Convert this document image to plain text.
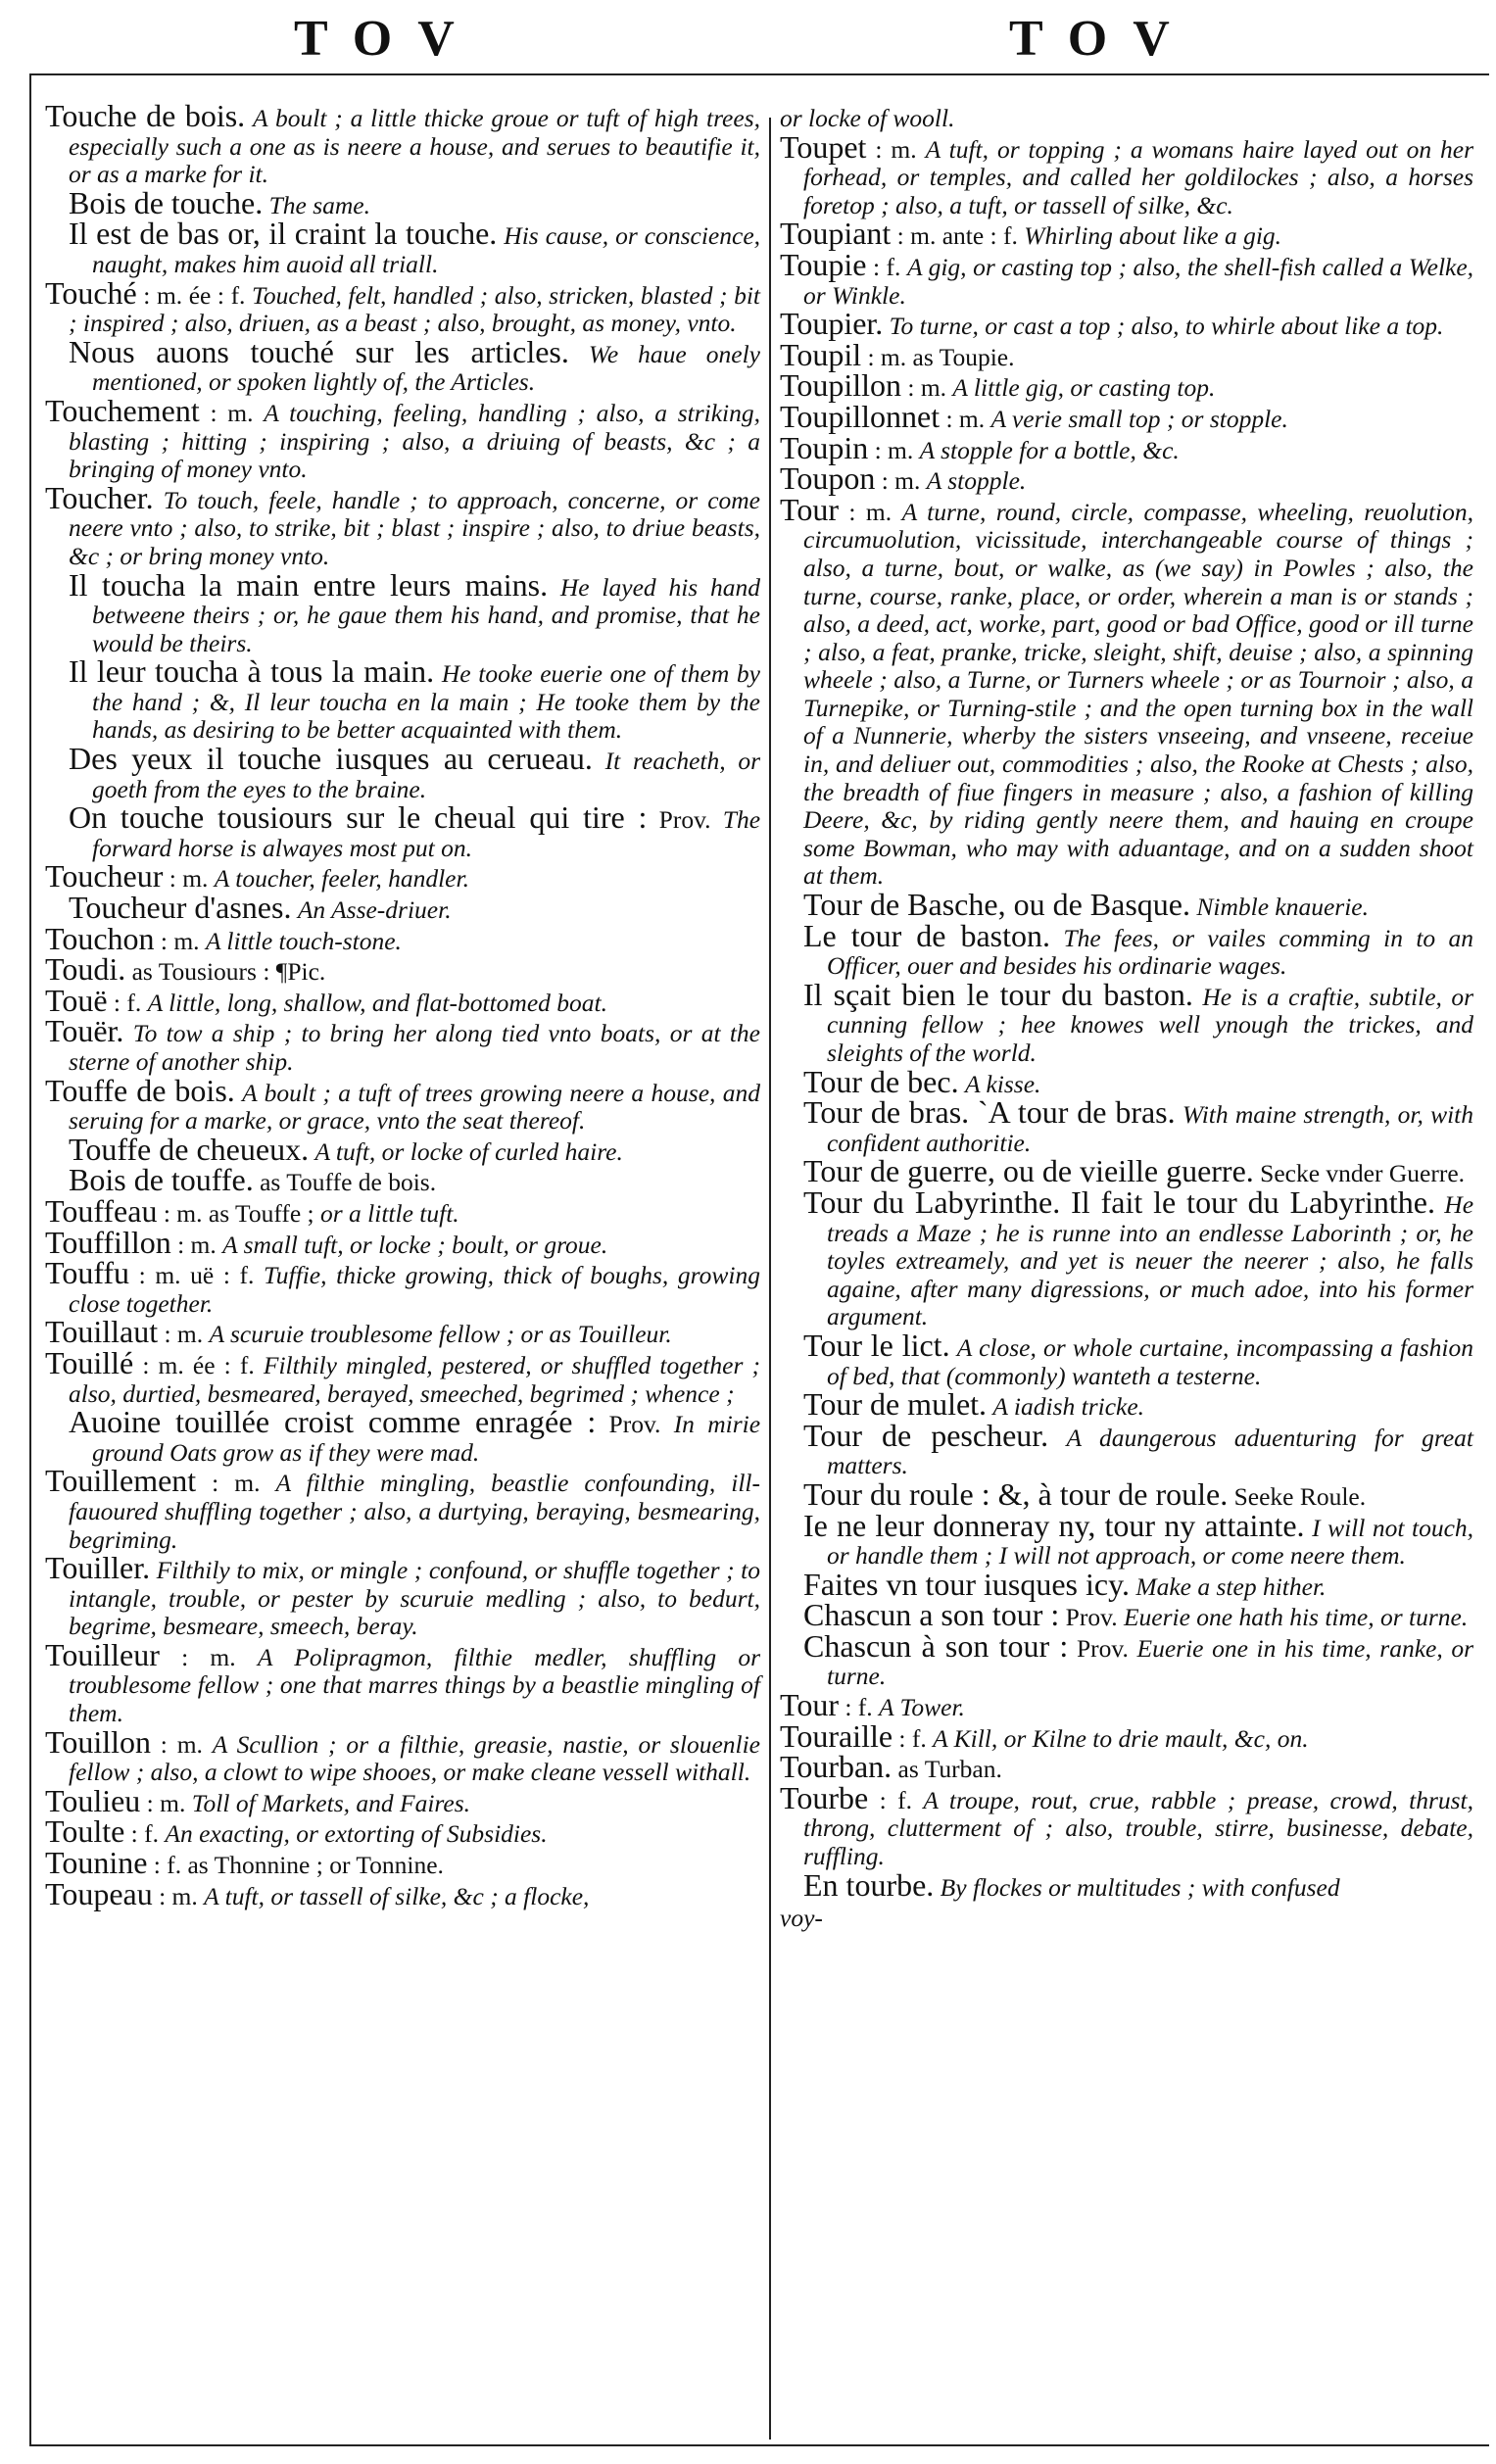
TOV	TOV

Touche de bois. A boult ; a little thicke groue or tuft of high trees, especially such a one as is neere a house, and serues to beautifie it, or as a marke for it.

Bois de touche. The same.

Il est de bas or, il craint la touche. His cause, or conscience, naught, makes him auoid all triall.

Touché : m. ée : f. Touched, felt, handled ; also, stricken, blasted ; bit ; inspired ; also, driuen, as a beast ; also, brought, as money, vnto.

Nous auons touché sur les articles. We haue onely mentioned, or spoken lightly of, the Articles.

Touchement : m. A touching, feeling, handling ; also, a striking, blasting ; hitting ; inspiring ; also, a driuing of beasts, &c ; a bringing of money vnto.

Toucher. To touch, feele, handle ; to approach, concerne, or come neere vnto ; also, to strike, bit ; blast ; inspire ; also, to driue beasts, &c ; or bring money vnto.

Il toucha la main entre leurs mains. He layed his hand betweene theirs ; or, he gaue them his hand, and promise, that he would be theirs.

Il leur toucha à tous la main. He tooke euerie one of them by the hand ; &, Il leur toucha en la main ; He tooke them by the hands, as desiring to be better acquainted with them.

Des yeux il touche iusques au cerueau. It reacheth, or goeth from the eyes to the braine.

On touche tousiours sur le cheual qui tire : Prov. The forward horse is alwayes most put on.

Toucheur : m. A toucher, feeler, handler.

Toucheur d'asnes. An Asse-driuer.

Touchon : m. A little touch-stone.

Toudi. as Tousiours : ¶Pic.

Touë : f. A little, long, shallow, and flat-bottomed boat.

Touër. To tow a ship ; to bring her along tied vnto boats, or at the sterne of another ship.

Touffe de bois. A boult ; a tuft of trees growing neere a house, and seruing for a marke, or grace, vnto the seat thereof.

Touffe de cheueux. A tuft, or locke of curled haire.

Bois de touffe. as Touffe de bois.

Touffeau : m. as Touffe ; or a little tuft.

Touffillon : m. A small tuft, or locke ; boult, or groue.

Touffu : m. uë : f. Tuffie, thicke growing, thick of boughs, growing close together.

Touillaut : m. A scuruie troublesome fellow ; or as Touilleur.

Touillé : m. ée : f. Filthily mingled, pestered, or shuffled together ; also, durtied, besmeared, berayed, smeeched, begrimed ; whence ;

Auoine touillée croist comme enragée : Prov. In mirie ground Oats grow as if they were mad.

Touillement : m. A filthie mingling, beastlie confounding, ill-fauoured shuffling together ; also, a durtying, beraying, besmearing, begriming.

Touiller. Filthily to mix, or mingle ; confound, or shuffle together ; to intangle, trouble, or pester by scuruie medling ; also, to bedurt, begrime, besmeare, smeech, beray.

Touilleur : m. A Polipragmon, filthie medler, shuffling or troublesome fellow ; one that marres things by a beastlie mingling of them.

Touillon : m. A Scullion ; or a filthie, greasie, nastie, or slouenlie fellow ; also, a clowt to wipe shooes, or make cleane vessell withall.

Toulieu : m. Toll of Markets, and Faires.

Toulte : f. An exacting, or extorting of Subsidies.

Tounine : f. as Thonnine ; or Tonnine.

Toupeau : m. A tuft, or tassell of silke, &c ; a flocke,

or locke of wooll.

Toupet : m. A tuft, or topping ; a womans haire layed out on her forhead, or temples, and called her goldilockes ; also, a horses foretop ; also, a tuft, or tassell of silke, &c.

Toupiant : m. ante : f. Whirling about like a gig.

Toupie : f. A gig, or casting top ; also, the shell-fish called a Welke, or Winkle.

Toupier. To turne, or cast a top ; also, to whirle about like a top.

Toupil : m. as Toupie.

Toupillon : m. A little gig, or casting top.

Toupillonnet : m. A verie small top ; or stopple.

Toupin : m. A stopple for a bottle, &c.

Toupon : m. A stopple.

Tour : m. A turne, round, circle, compasse, wheeling, reuolution, circumuolution, vicissitude, interchangeable course of things ; also, a turne, bout, or walke, as (we say) in Powles ; also, the turne, course, ranke, place, or order, wherein a man is or stands ; also, a deed, act, worke, part, good or bad Office, good or ill turne ; also, a feat, pranke, tricke, sleight, shift, deuise ; also, a spinning wheele ; also, a Turne, or Turners wheele ; or as Tournoir ; also, a Turnepike, or Turning-stile ; and the open turning box in the wall of a Nunnerie, wherby the sisters vnseeing, and vnseene, receiue in, and deliuer out, commodities ; also, the Rooke at Chests ; also, the breadth of fiue fingers in measure ; also, a fashion of killing Deere, &c, by riding gently neere them, and hauing en croupe some Bowman, who may with aduantage, and on a sudden shoot at them.

Tour de Basche, ou de Basque. Nimble knauerie.

Le tour de baston. The fees, or vailes comming in to an Officer, ouer and besides his ordinarie wages.

Il sçait bien le tour du baston. He is a craftie, subtile, or cunning fellow ; hee knowes well ynough the trickes, and sleights of the world.

Tour de bec. A kisse.

Tour de bras. `A tour de bras. With maine strength, or, with confident authoritie.

Tour de guerre, ou de vieille guerre. Secke vnder Guerre.

Tour du Labyrinthe. Il fait le tour du Labyrinthe. He treads a Maze ; he is runne into an endlesse Laborinth ; or, he toyles extreamely, and yet is neuer the neerer ; also, he falls againe, after many digressions, or much adoe, into his former argument.

Tour le lict. A close, or whole curtaine, incompassing a fashion of bed, that (commonly) wanteth a testerne.

Tour de mulet. A iadish tricke.

Tour de pescheur. A daungerous aduenturing for great matters.

Tour du roule : &, à tour de roule. Seeke Roule.

Ie ne leur donneray ny, tour ny attainte. I will not touch, or handle them ; I will not approach, or come neere them.

Faites vn tour iusques icy. Make a step hither.

Chascun a son tour : Prov. Euerie one hath his time, or turne.

Chascun à son tour : Prov. Euerie one in his time, ranke, or turne.

Tour : f. A Tower.

Touraille : f. A Kill, or Kilne to drie mault, &c, on.

Tourban. as Turban.

Tourbe : f. A troupe, rout, crue, rabble ; prease, crowd, thrust, throng, clutterment of ; also, trouble, stirre, businesse, debate, ruffling.

En tourbe. By flockes or multitudes ; with confused

voy-
